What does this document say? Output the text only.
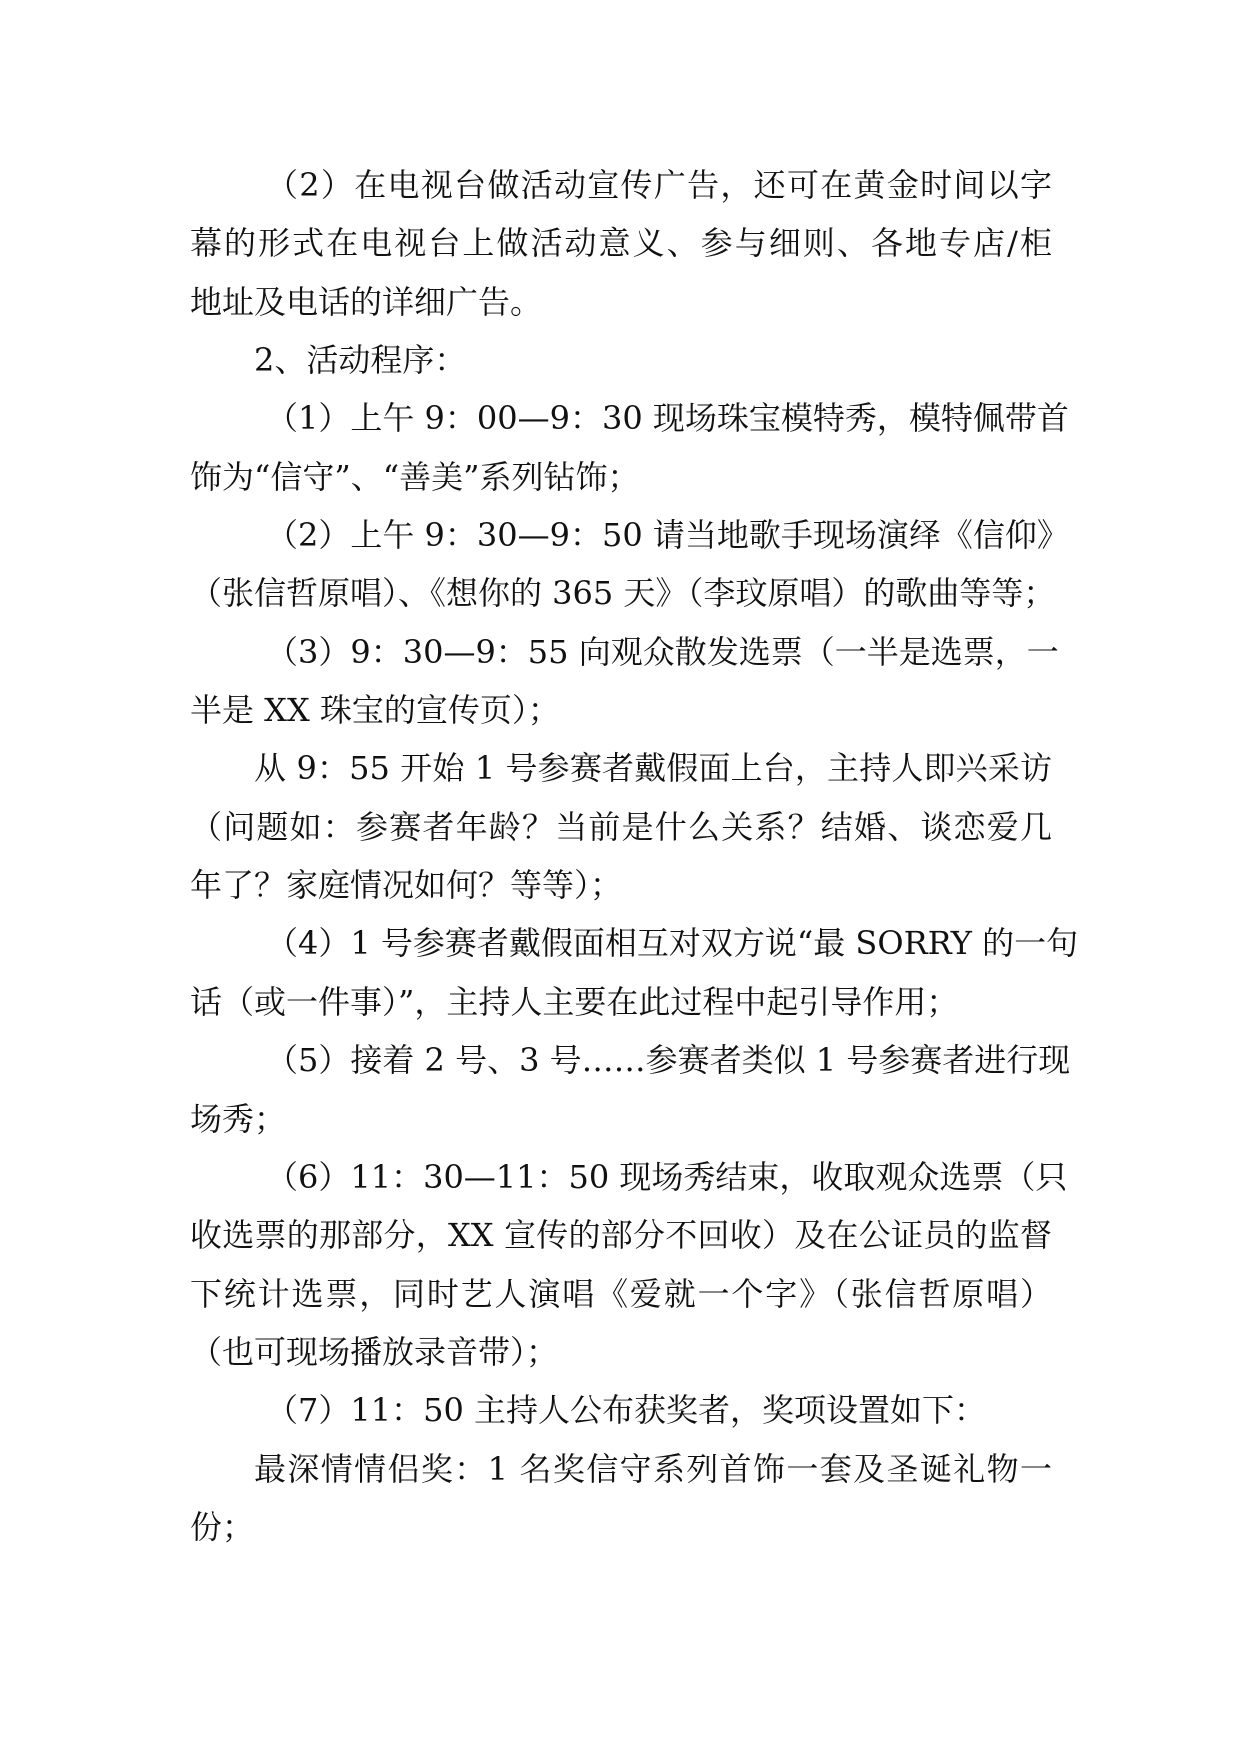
（2）在电视台做活动宣传广告，还可在黄金时间以字
幕的形式在电视台上做活动意义、参与细则、各地专店/柜
地址及电话的详细广告。
2、活动程序：
（1）上午 9：00—9：30 现场珠宝模特秀，模特佩带首
饰为“信守”、“善美”系列钻饰；
（2）上午 9：30—9：50 请当地歌手现场演绎《信仰》
（张信哲原唱）、《想你的 365 天》（李玟原唱）的歌曲等等；
（3）9：30—9：55 向观众散发选票（一半是选票，一
半是 XX 珠宝的宣传页）；
从 9：55 开始 1 号参赛者戴假面上台，主持人即兴采访
（问题如：参赛者年龄？当前是什么关系？结婚、谈恋爱几
年了？家庭情况如何？等等）；
（4）1 号参赛者戴假面相互对双方说“最 SORRY 的一句
话（或一件事）”，主持人主要在此过程中起引导作用；
（5）接着 2 号、3 号……参赛者类似 1 号参赛者进行现
场秀；
（6）11：30—11：50 现场秀结束，收取观众选票（只
收选票的那部分，XX 宣传的部分不回收）及在公证员的监督
下统计选票，同时艺人演唱《爱就一个字》（张信哲原唱）
（也可现场播放录音带）；
（7）11：50 主持人公布获奖者，奖项设置如下：
最深情情侣奖：1 名奖信守系列首饰一套及圣诞礼物一
份；
